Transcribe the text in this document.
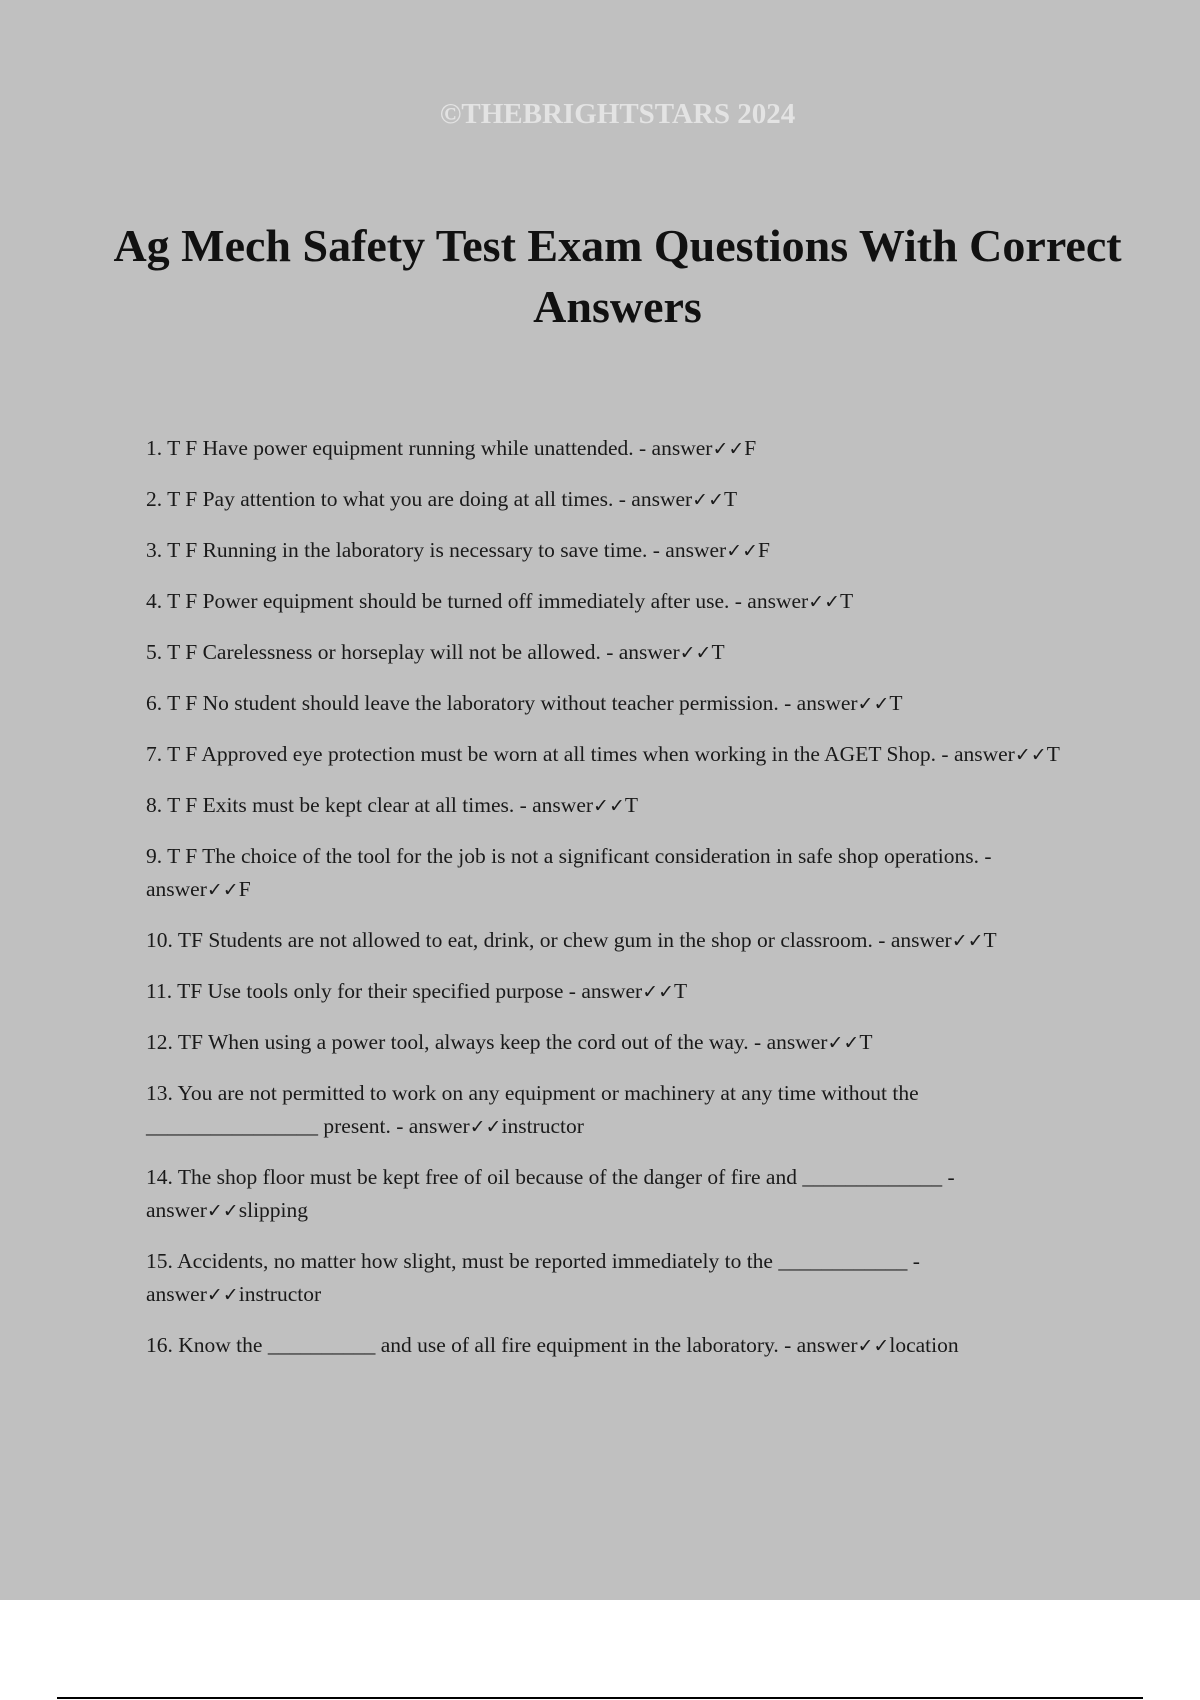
©THEBRIGHTSTARS 2024
Ag Mech Safety Test Exam Questions With Correct Answers
1. T F Have power equipment running while unattended. - answer✓✓F
2. T F Pay attention to what you are doing at all times. - answer✓✓T
3. T F Running in the laboratory is necessary to save time. - answer✓✓F
4. T F Power equipment should be turned off immediately after use. - answer✓✓T
5. T F Carelessness or horseplay will not be allowed. - answer✓✓T
6. T F No student should leave the laboratory without teacher permission. - answer✓✓T
7. T F Approved eye protection must be worn at all times when working in the AGET Shop. - answer✓✓T
8. T F Exits must be kept clear at all times. - answer✓✓T
9. T F The choice of the tool for the job is not a significant consideration in safe shop operations. - answer✓✓F
10. TF Students are not allowed to eat, drink, or chew gum in the shop or classroom. - answer✓✓T
11. TF Use tools only for their specified purpose - answer✓✓T
12. TF When using a power tool, always keep the cord out of the way. - answer✓✓T
13. You are not permitted to work on any equipment or machinery at any time without the ________________ present. - answer✓✓instructor
14. The shop floor must be kept free of oil because of the danger of fire and _____________ - answer✓✓slipping
15. Accidents, no matter how slight, must be reported immediately to the ____________ - answer✓✓instructor
16. Know the __________ and use of all fire equipment in the laboratory. - answer✓✓location
